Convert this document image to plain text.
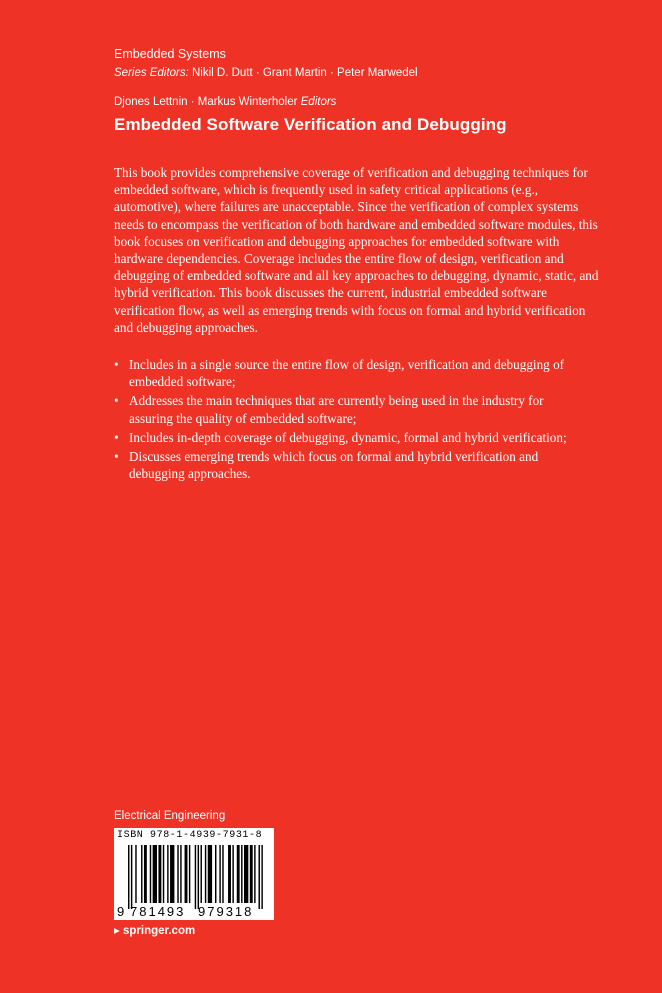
Embedded Systems
Series Editors: Nikil D. Dutt · Grant Martin · Peter Marwedel
Djones Lettnin · Markus Winterholer Editors
Embedded Software Verification and Debugging

This book provides comprehensive coverage of verification and debugging techniques for embedded software, which is frequently used in safety critical applications (e.g., automotive), where failures are unacceptable. Since the verification of complex systems needs to encompass the verification of both hardware and embedded software modules, this book focuses on verification and debugging approaches for embedded software with hardware dependencies. Coverage includes the entire flow of design, verification and debugging of embedded software and all key approaches to debugging, dynamic, static, and hybrid verification. This book discusses the current, industrial embedded software verification flow, as well as emerging trends with focus on formal and hybrid verification and debugging approaches.

• Includes in a single source the entire flow of design, verification and debugging of embedded software;
• Addresses the main techniques that are currently being used in the industry for assuring the quality of embedded software;
• Includes in-depth coverage of debugging, dynamic, formal and hybrid verification;
• Discusses emerging trends which focus on formal and hybrid verification and debugging approaches.
Electrical Engineering
9 781493 979318
ISBN 978-1-4939-7931-8
▸ springer.com
